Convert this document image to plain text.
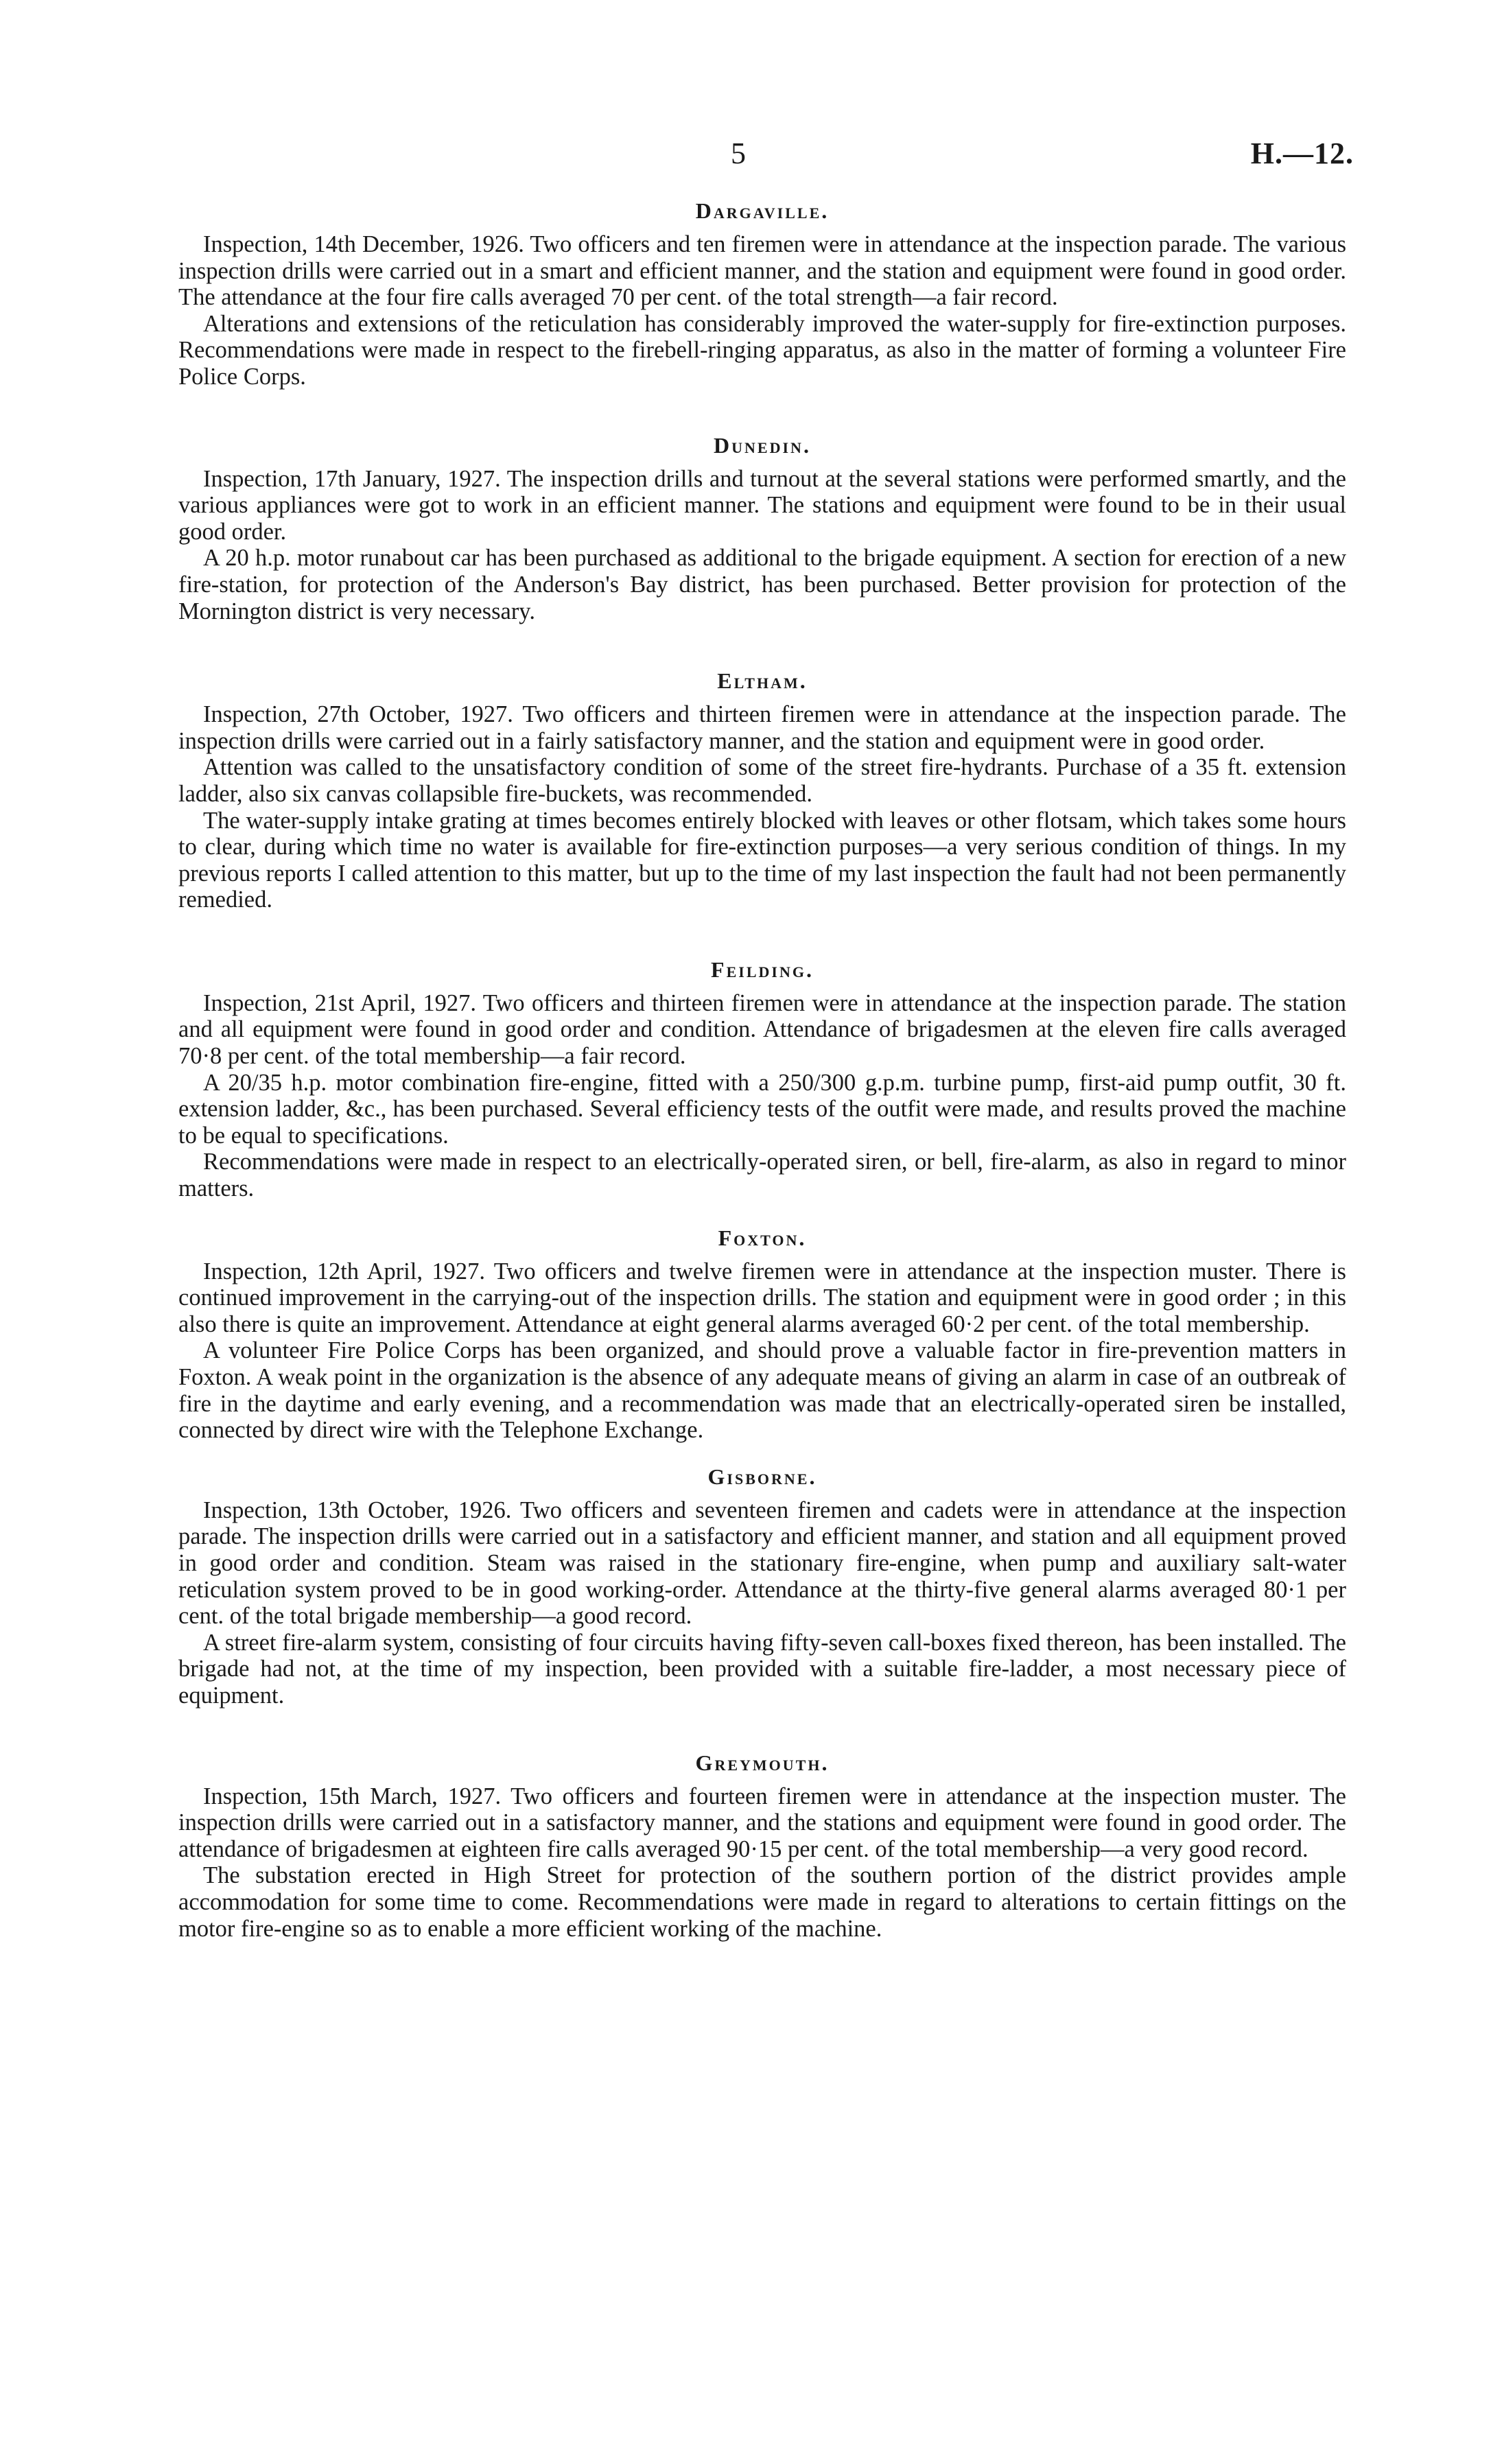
5	H.—12.
Dargaville.

Inspection, 14th December, 1926. Two officers and ten firemen were in attendance at the inspection parade. The various inspection drills were carried out in a smart and efficient manner, and the station and equipment were found in good order. The attendance at the four fire calls averaged 70 per cent. of the total strength—a fair record.

Alterations and extensions of the reticulation has considerably improved the water-supply for fire-extinction purposes. Recommendations were made in respect to the firebell-ringing apparatus, as also in the matter of forming a volunteer Fire Police Corps.

Dunedin.

Inspection, 17th January, 1927. The inspection drills and turnout at the several stations were performed smartly, and the various appliances were got to work in an efficient manner. The stations and equipment were found to be in their usual good order.

A 20 h.p. motor runabout car has been purchased as additional to the brigade equipment. A section for erection of a new fire-station, for protection of the Anderson's Bay district, has been purchased. Better provision for protection of the Mornington district is very necessary.

Eltham.

Inspection, 27th October, 1927. Two officers and thirteen firemen were in attendance at the inspection parade. The inspection drills were carried out in a fairly satisfactory manner, and the station and equipment were in good order.

Attention was called to the unsatisfactory condition of some of the street fire-hydrants. Purchase of a 35 ft. extension ladder, also six canvas collapsible fire-buckets, was recommended.

The water-supply intake grating at times becomes entirely blocked with leaves or other flotsam, which takes some hours to clear, during which time no water is available for fire-extinction purposes—a very serious condition of things. In my previous reports I called attention to this matter, but up to the time of my last inspection the fault had not been permanently remedied.

Feilding.

Inspection, 21st April, 1927. Two officers and thirteen firemen were in attendance at the inspection parade. The station and all equipment were found in good order and condition. Attendance of brigadesmen at the eleven fire calls averaged 70·8 per cent. of the total membership—a fair record.

A 20/35 h.p. motor combination fire-engine, fitted with a 250/300 g.p.m. turbine pump, first-aid pump outfit, 30 ft. extension ladder, &c., has been purchased. Several efficiency tests of the outfit were made, and results proved the machine to be equal to specifications.

Recommendations were made in respect to an electrically-operated siren, or bell, fire-alarm, as also in regard to minor matters.

Foxton.

Inspection, 12th April, 1927. Two officers and twelve firemen were in attendance at the inspection muster. There is continued improvement in the carrying-out of the inspection drills. The station and equipment were in good order ; in this also there is quite an improvement. Attendance at eight general alarms averaged 60·2 per cent. of the total membership.

A volunteer Fire Police Corps has been organized, and should prove a valuable factor in fire-prevention matters in Foxton. A weak point in the organization is the absence of any adequate means of giving an alarm in case of an outbreak of fire in the daytime and early evening, and a recommendation was made that an electrically-operated siren be installed, connected by direct wire with the Telephone Exchange.

Gisborne.

Inspection, 13th October, 1926. Two officers and seventeen firemen and cadets were in attendance at the inspection parade. The inspection drills were carried out in a satisfactory and efficient manner, and station and all equipment proved in good order and condition. Steam was raised in the stationary fire-engine, when pump and auxiliary salt-water reticulation system proved to be in good working-order. Attendance at the thirty-five general alarms averaged 80·1 per cent. of the total brigade membership—a good record.

A street fire-alarm system, consisting of four circuits having fifty-seven call-boxes fixed thereon, has been installed. The brigade had not, at the time of my inspection, been provided with a suitable fire-ladder, a most necessary piece of equipment.

Greymouth.

Inspection, 15th March, 1927. Two officers and fourteen firemen were in attendance at the inspection muster. The inspection drills were carried out in a satisfactory manner, and the stations and equipment were found in good order. The attendance of brigadesmen at eighteen fire calls averaged 90·15 per cent. of the total membership—a very good record.

The substation erected in High Street for protection of the southern portion of the district provides ample accommodation for some time to come. Recommendations were made in regard to alterations to certain fittings on the motor fire-engine so as to enable a more efficient working of the machine.
